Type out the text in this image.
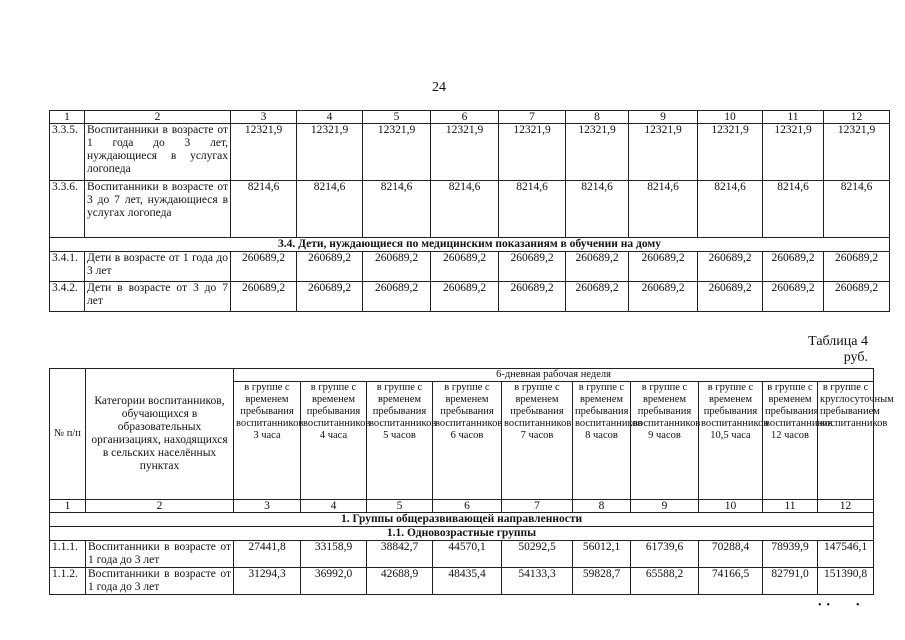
24
1	2	3	4	5	6	7	8	9	10	11	12
3.3.5.	Воспитанники в возрасте от 1 года до 3 лет, нуждающиеся в услугах логопеда	12321,9	12321,9	12321,9	12321,9	12321,9	12321,9	12321,9	12321,9	12321,9	12321,9
3.3.6.	Воспитанники в возрасте от 3 до 7 лет, нуждающиеся в услугах логопеда	8214,6	8214,6	8214,6	8214,6	8214,6	8214,6	8214,6	8214,6	8214,6	8214,6
3.4. Дети, нуждающиеся по медицинским показаниям в обучении на дому											
3.4.1.	Дети в возрасте от 1 года до 3 лет	260689,2	260689,2	260689,2	260689,2	260689,2	260689,2	260689,2	260689,2	260689,2	260689,2
3.4.2.	Дети в возрасте от 3 до 7 лет	260689,2	260689,2	260689,2	260689,2	260689,2	260689,2	260689,2	260689,2	260689,2	260689,2
Таблица 4
руб.
№ п/п	Категории воспитанников, обучающихся в образовательных организациях, находящихся в сельских населённых пунктах	6-дневная рабочая неделя									
		в группе с временем пребывания воспитанников 3 часа	в группе с временем пребывания воспитанников 4 часа	в группе с временем пребывания воспитанников 5 часов	в группе с временем пребывания воспитанников 6 часов	в группе с временем пребывания воспитанников 7 часов	в группе с временем пребывания воспитанников 8 часов	в группе с временем пребывания воспитанников 9 часов	в группе с временем пребывания воспитанников 10,5 часа	в группе с временем пребывания воспитанников 12 часов	в группе с круглосуточным пребыванием воспитанников
1	2	3	4	5	6	7	8	9	10	11	12
1. Группы общеразвивающей направленности											
1.1. Одновозрастные группы											
1.1.1.	Воспитанники в возрасте от 1 года до 3 лет	27441,8	33158,9	38842,7	44570,1	50292,5	56012,1	61739,6	70288,4	78939,9	147546,1
1.1.2.	Воспитанники в возрасте от 1 года до 3 лет	31294,3	36992,0	42688,9	48435,4	54133,3	59828,7	65588,2	74166,5	82791,0	151390,8
•  •	•
